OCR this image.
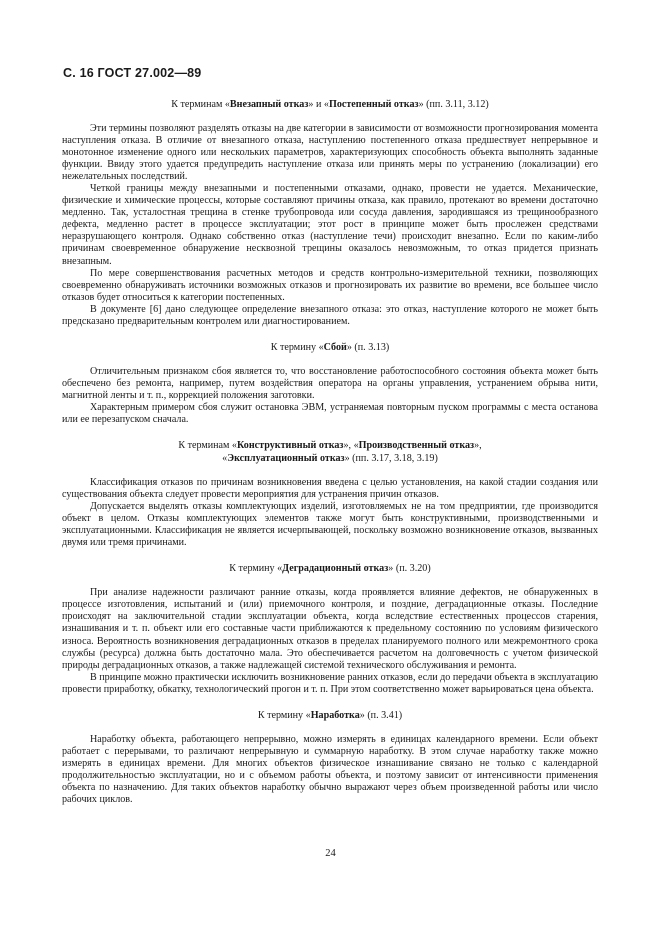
С. 16 ГОСТ 27.002—89
К терминам «Внезапный отказ» и «Постепенный отказ» (пп. 3.11, 3.12)

Эти термины позволяют разделять отказы на две категории в зависимости от возможности прогнозирования момента наступления отказа. В отличие от внезапного отказа, наступлению постепенного отказа предшествует непрерывное и монотонное изменение одного или нескольких параметров, характеризующих способность объекта выполнять заданные функции. Ввиду этого удается предупредить наступление отказа или принять меры по устранению (локализации) его нежелательных последствий.

Четкой границы между внезапными и постепенными отказами, однако, провести не удается. Механические, физические и химические процессы, которые составляют причины отказа, как правило, протекают во времени достаточно медленно. Так, усталостная трещина в стенке трубопровода или сосуда давления, зародившаяся из трещинообразного дефекта, медленно растет в процессе эксплуатации; этот рост в принципе может быть прослежен средствами неразрушающего контроля. Однако собственно отказ (наступление течи) происходит внезапно. Если по каким-либо причинам своевременное обнаружение несквозной трещины оказалось невозможным, то отказ придется признать внезапным.

По мере совершенствования расчетных методов и средств контрольно-измерительной техники, позволяющих своевременно обнаруживать источники возможных отказов и прогнозировать их развитие во времени, все большее число отказов будет относиться к категории постепенных.

В документе [6] дано следующее определение внезапного отказа: это отказ, наступление которого не может быть предсказано предварительным контролем или диагностированием.

К термину «Сбой» (п. 3.13)

Отличительным признаком сбоя является то, что восстановление работоспособного состояния объекта может быть обеспечено без ремонта, например, путем воздействия оператора на органы управления, устранением обрыва нити, магнитной ленты и т. п., коррекцией положения заготовки.

Характерным примером сбоя служит остановка ЭВМ, устраняемая повторным пуском программы с места останова или ее перезапуском сначала.

К терминам «Конструктивный отказ», «Производственный отказ»,
«Эксплуатационный отказ» (пп. 3.17, 3.18, 3.19)

Классификация отказов по причинам возникновения введена с целью установления, на какой стадии создания или существования объекта следует провести мероприятия для устранения причин отказов.

Допускается выделять отказы комплектующих изделий, изготовляемых не на том предприятии, где производится объект в целом. Отказы комплектующих элементов также могут быть конструктивными, производственными и эксплуатационными. Классификация не является исчерпывающей, поскольку возможно возникновение отказов, вызванных двумя или тремя причинами.

К термину «Деградационный отказ» (п. 3.20)

При анализе надежности различают ранние отказы, когда проявляется влияние дефектов, не обнаруженных в процессе изготовления, испытаний и (или) приемочного контроля, и поздние, деградационные отказы. Последние происходят на заключительной стадии эксплуатации объекта, когда вследствие естественных процессов старения, изнашивания и т. п. объект или его составные части приближаются к предельному состоянию по условиям физического износа. Вероятность возникновения деградационных отказов в пределах планируемого полного или межремонтного срока службы (ресурса) должна быть достаточно мала. Это обеспечивается расчетом на долговечность с учетом физической природы деградационных отказов, а также надлежащей системой технического обслуживания и ремонта.

В принципе можно практически исключить возникновение ранних отказов, если до передачи объекта в эксплуатацию провести приработку, обкатку, технологический прогон и т. п. При этом соответственно может варьироваться цена объекта.

К термину «Наработка» (п. 3.41)

Наработку объекта, работающего непрерывно, можно измерять в единицах календарного времени. Если объект работает с перерывами, то различают непрерывную и суммарную наработку. В этом случае наработку также можно измерять в единицах времени. Для многих объектов физическое изнашивание связано не только с календарной продолжительностью эксплуатации, но и с объемом работы объекта, и поэтому зависит от интенсивности применения объекта по назначению. Для таких объектов наработку обычно выражают через объем произведенной работы или число рабочих циклов.

24
